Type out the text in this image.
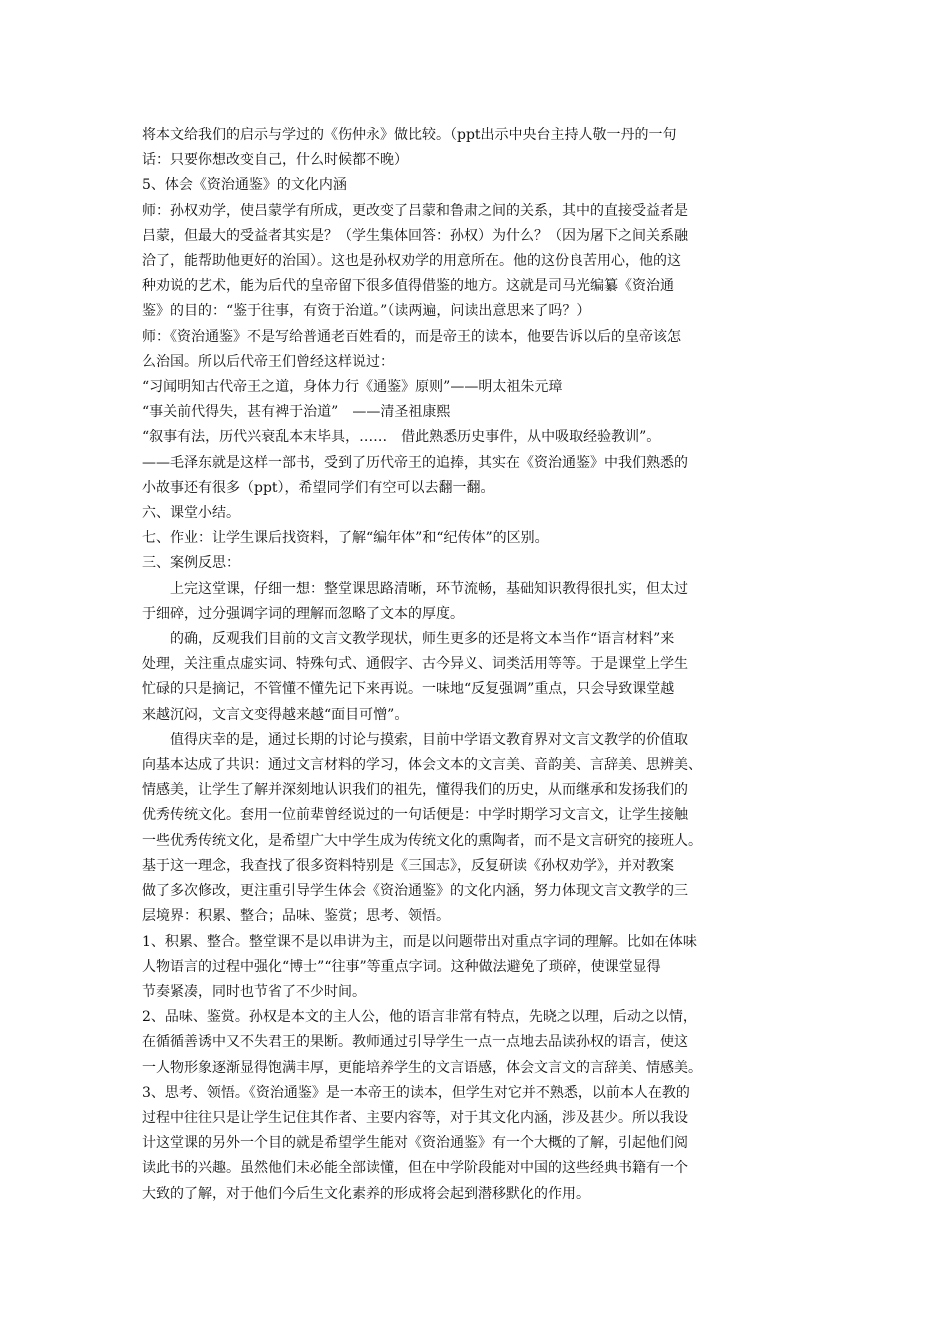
将本文给我们的启示与学过的《伤仲永》做比较。（ppt出示中央台主持人敬一丹的一句

话：只要你想改变自己，什么时候都不晚）

5、体会《资治通鉴》的文化内涵

师：孙权劝学，使吕蒙学有所成，更改变了吕蒙和鲁肃之间的关系，其中的直接受益者是

吕蒙，但最大的受益者其实是？（学生集体回答：孙权）为什么？（因为屠下之间关系融

洽了，能帮助他更好的治国）。这也是孙权劝学的用意所在。他的这份良苦用心，他的这

种劝说的艺术，能为后代的皇帝留下很多值得借鉴的地方。这就是司马光编纂《资治通

鉴》的目的：“鉴于往事，有资于治道。”（读两遍，问读出意思来了吗？）

师：《资治通鉴》不是写给普通老百姓看的，而是帝王的读本，他要告诉以后的皇帝该怎

么治国。所以后代帝王们曾经这样说过：

“习闻明知古代帝王之道，身体力行《通鉴》原则”——明太祖朱元璋

“事关前代得失，甚有裨于治道”　——清圣祖康熙

“叙事有法，历代兴衰乱本末毕具，……　借此熟悉历史事件，从中吸取经验教训”。

——毛泽东就是这样一部书，受到了历代帝王的追捧，其实在《资治通鉴》中我们熟悉的

小故事还有很多（ppt），希望同学们有空可以去翻一翻。

六、课堂小结。

七、作业：让学生课后找资料，了解“编年体”和“纪传体”的区别。

三、案例反思：

上完这堂课，仔细一想：整堂课思路清晰，环节流畅，基础知识教得很扎实，但太过

于细碎，过分强调字词的理解而忽略了文本的厚度。

的确，反观我们目前的文言文教学现状，师生更多的还是将文本当作“语言材料”来

处理，关注重点虚实词、特殊句式、通假字、古今异义、词类活用等等。于是课堂上学生

忙碌的只是摘记，不管懂不懂先记下来再说。一味地“反复强调”重点，只会导致课堂越

来越沉闷，文言文变得越来越“面目可憎”。

值得庆幸的是，通过长期的讨论与摸索，目前中学语文教育界对文言文教学的价值取

向基本达成了共识：通过文言材料的学习，体会文本的文言美、音韵美、言辞美、思辨美、

情感美，让学生了解并深刻地认识我们的祖先，懂得我们的历史，从而继承和发扬我们的

优秀传统文化。套用一位前辈曾经说过的一句话便是：中学时期学习文言文，让学生接触

一些优秀传统文化，是希望广大中学生成为传统文化的熏陶者，而不是文言研究的接班人。

基于这一理念，我查找了很多资料特别是《三国志》，反复研读《孙权劝学》，并对教案

做了多次修改，更注重引导学生体会《资治通鉴》的文化内涵，努力体现文言文教学的三

层境界：积累、整合；品味、鉴赏；思考、领悟。

1、积累、整合。整堂课不是以串讲为主，而是以问题带出对重点字词的理解。比如在体味

人物语言的过程中强化“博士”“往事”等重点字词。这种做法避免了琐碎，使课堂显得

节奏紧凑，同时也节省了不少时间。

2、品味、鉴赏。孙权是本文的主人公，他的语言非常有特点，先晓之以理，后动之以情，

在循循善诱中又不失君王的果断。教师通过引导学生一点一点地去品读孙权的语言，使这

一人物形象逐渐显得饱满丰厚，更能培养学生的文言语感，体会文言文的言辞美、情感美。

3、思考、领悟。《资治通鉴》是一本帝王的读本，但学生对它并不熟悉，以前本人在教的

过程中往往只是让学生记住其作者、主要内容等，对于其文化内涵，涉及甚少。所以我设

计这堂课的另外一个目的就是希望学生能对《资治通鉴》有一个大概的了解，引起他们阅

读此书的兴趣。虽然他们未必能全部读懂，但在中学阶段能对中国的这些经典书籍有一个

大致的了解，对于他们今后生文化素养的形成将会起到潜移默化的作用。
